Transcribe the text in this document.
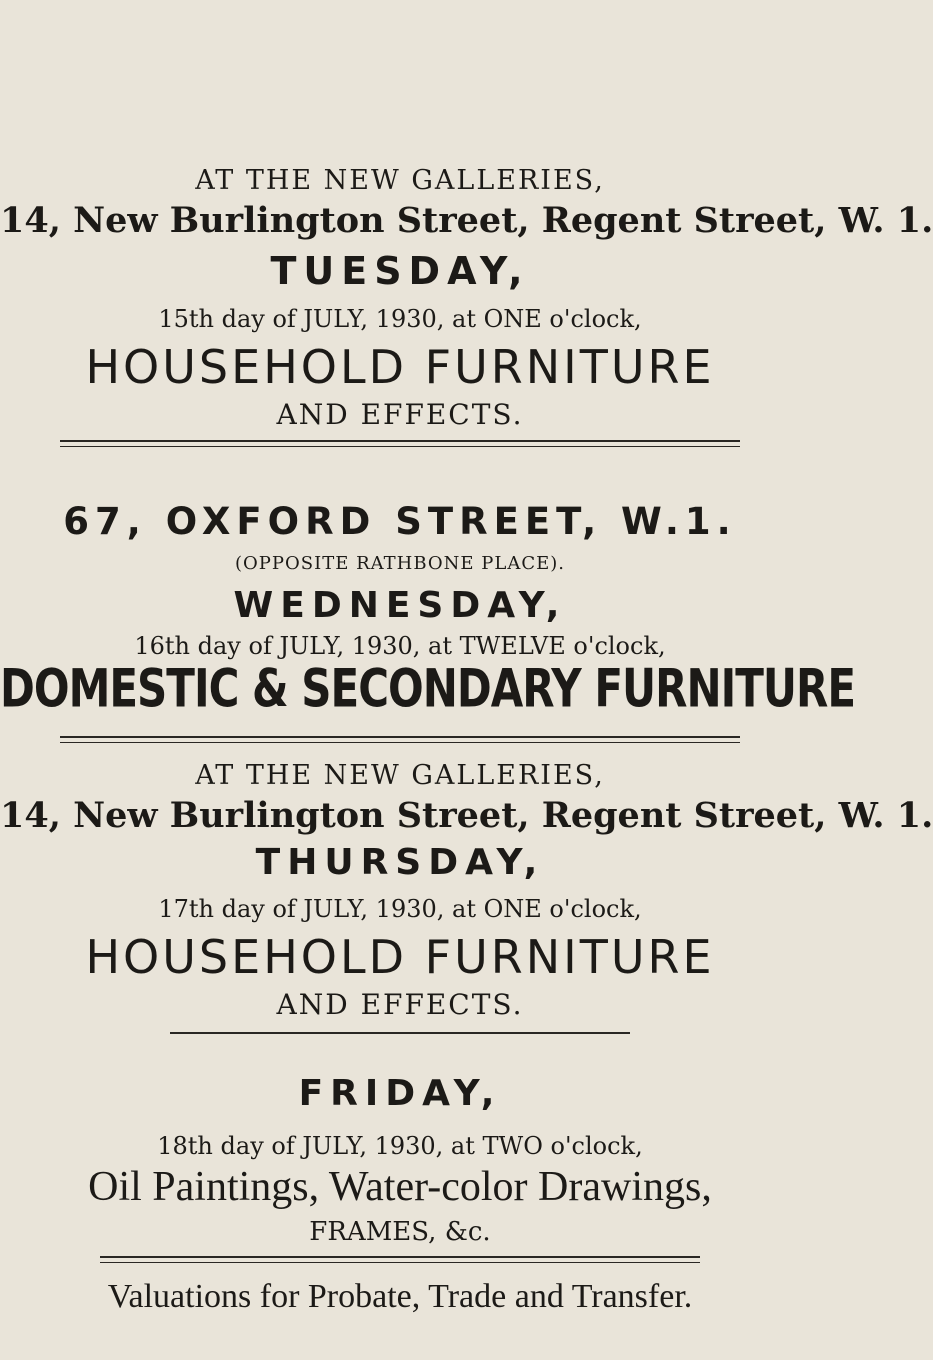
AT THE NEW GALLERIES,
14, New Burlington Street, Regent Street, W. 1.
TUESDAY,
15th day of JULY, 1930, at ONE o'clock,
HOUSEHOLD FURNITURE
AND EFFECTS.
67, OXFORD STREET, W.1.
(OPPOSITE RATHBONE PLACE).
WEDNESDAY,
16th day of JULY, 1930, at TWELVE o'clock,
DOMESTIC & SECONDARY FURNITURE
AT THE NEW GALLERIES,
14, New Burlington Street, Regent Street, W. 1.
THURSDAY,
17th day of JULY, 1930, at ONE o'clock,
HOUSEHOLD FURNITURE
AND EFFECTS.
FRIDAY,
18th day of JULY, 1930, at TWO o'clock,
Oil Paintings, Water-color Drawings,
FRAMES, &c.
Valuations for Probate, Trade and Transfer.
